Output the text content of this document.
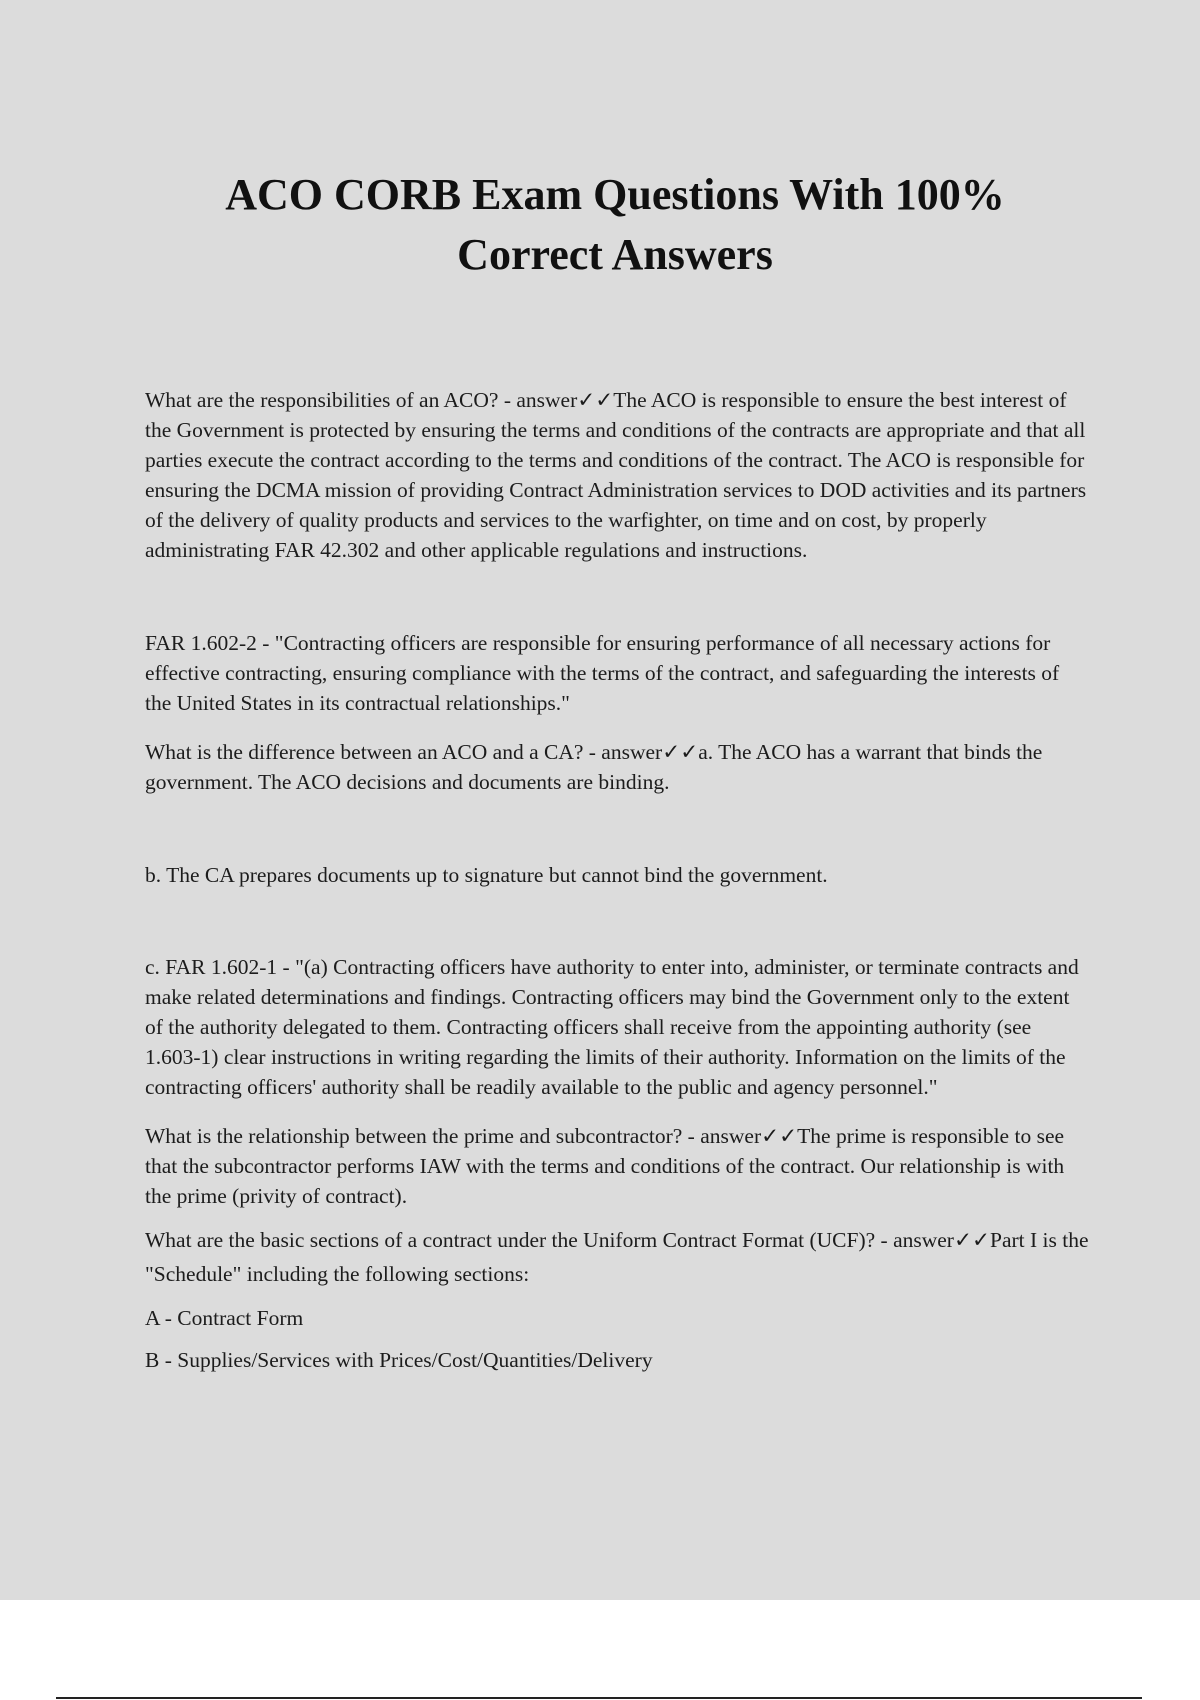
ACO CORB Exam Questions With 100%
Correct Answers

What are the responsibilities of an ACO? - answer✓✓The ACO is responsible to ensure the best interest of the Government is protected by ensuring the terms and conditions of the contracts are appropriate and that all parties execute the contract according to the terms and conditions of the contract. The ACO is responsible for ensuring the DCMA mission of providing Contract Administration services to DOD activities and its partners of the delivery of quality products and services to the warfighter, on time and on cost, by properly administrating FAR 42.302 and other applicable regulations and instructions.

FAR 1.602-2 - "Contracting officers are responsible for ensuring performance of all necessary actions for effective contracting, ensuring compliance with the terms of the contract, and safeguarding the interests of the United States in its contractual relationships."

What is the difference between an ACO and a CA? - answer✓✓a. The ACO has a warrant that binds the government. The ACO decisions and documents are binding.

b. The CA prepares documents up to signature but cannot bind the government.

c. FAR 1.602-1 - "(a) Contracting officers have authority to enter into, administer, or terminate contracts and make related determinations and findings. Contracting officers may bind the Government only to the extent of the authority delegated to them. Contracting officers shall receive from the appointing authority (see 1.603-1) clear instructions in writing regarding the limits of their authority. Information on the limits of the contracting officers' authority shall be readily available to the public and agency personnel."

What is the relationship between the prime and subcontractor? - answer✓✓The prime is responsible to see that the subcontractor performs IAW with the terms and conditions of the contract. Our relationship is with the prime (privity of contract).

What are the basic sections of a contract under the Uniform Contract Format (UCF)? - answer✓✓Part I is the "Schedule" including the following sections:

A - Contract Form

B - Supplies/Services with Prices/Cost/Quantities/Delivery
